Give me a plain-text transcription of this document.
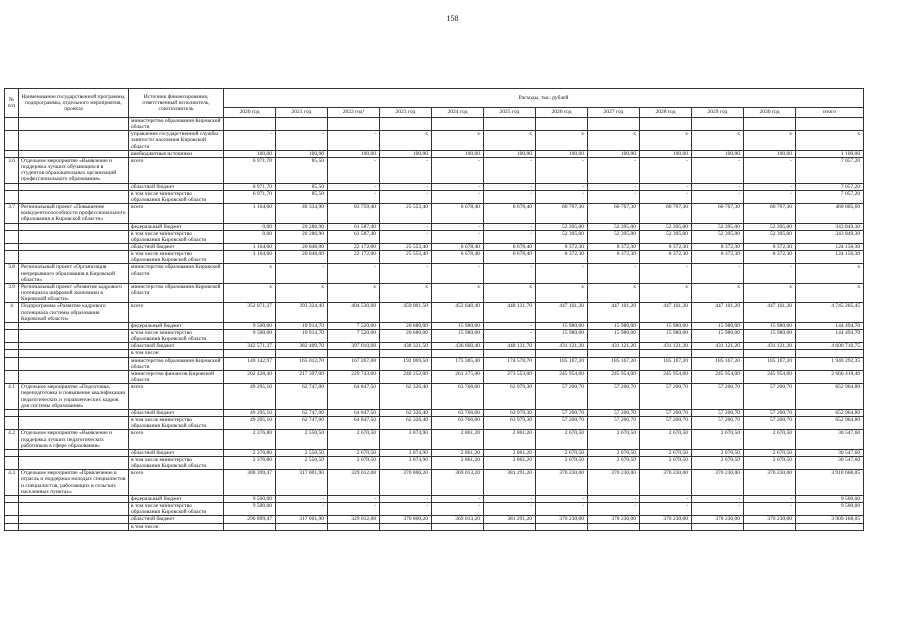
158
№ п/п	Наименование государственной программы, подпрограммы, отдельного мероприятия, проекта	Источник финансирования, ответственный исполнитель, соисполнитель	Расходы, тыс. рублей											
			2020 год	2021 год	2022 год¹	2023 год	2024 год	2025 год	2026 год	2027 год	2028 год	2029 год	2030 год	итого
		министерство образования Кировской области												
		управление государственной службы занятости населения Кировской области	-	-	-	x	x	x	x	x	x	x	x	x
		внебюджетные источники	100,00	100,00	100,00	100,00	100,00	100,00	100,00	100,00	100,00	100,00	100,00	1 100,00
3.6	Отдельное мероприятие «Выявление и поддержка лучших обучающихся в студентов образовательных организаций профессионального образования»	всего	6 971,70	85,50	-	-	-	-	-	-	-	-	-	7 057,20
		областной бюджет	6 971,70	85,50	-	-	-	-	-	-	-	-	-	7 057,20
		в том числе министерство образования Кировской области	6 971,70	85,50	-	-	-	-	-	-	-	-	-	7 057,20
3.7	Региональный проект «Повышение конкурентоспособности профессионального образования в Кировской области»	всего	1 164,60	40 334,90	83 759,40	25 553,40	6 678,40	6 678,40	60 767,30	60 767,30	60 767,30	60 767,30	60 767,30	468 005,60
		федеральный бюджет	0,00	20 286,90	61 587,40	-	-	-	52 395,00	52 395,00	52 395,00	52 395,00	52 395,00	343 849,30
		в том числе министерство образования Кировской области	0,00	20 286,90	61 587,40	-	-	-	52 395,00	52 395,00	52 395,00	52 395,00	52 395,00	343 849,30
		областной бюджет	1 164,60	20 048,00	22 172,00	25 553,40	6 678,40	6 678,40	8 372,30	8 372,30	8 372,30	8 372,30	8 372,30	124 156,30
		в том числе министерство образования Кировской области	1 164,60	20 048,00	22 172,00	25 553,40	6 678,40	6 678,40	8 372,30	8 372,30	8 372,30	8 372,30	8 372,30	124 156,30
3.8	Региональный проект «Организация непрерывного образования в Кировской области»	министерство образования Кировской области	x	-	-	-	-	-	-	-	-	-	-	x
3.9	Региональный проект «Развитие кадрового потенциала цифровой экономики в Кировской области»	министерство образования Кировской области	x	x	x	x	x	x	x	x	x	x	x	x
4	Подпрограмма «Развитие кадрового потенциала системы образования Кировской области»	всего	352 071,37	393 324,40	404 530,08	459 001,50	452 640,40	448 131,70	447 101,20	447 101,20	447 101,20	447 101,20	447 101,20	4 745 205,45
		федеральный бюджет	9 500,00	10 914,70	7 520,00	20 680,00	15 980,00	-	15 980,00	15 980,00	15 980,00	15 980,00	15 980,00	144 494,70
		в том числе министерство образования Кировской области	9 500,00	10 914,70	7 520,00	20 680,00	15 980,00	-	15 980,00	15 980,00	15 980,00	15 980,00	15 980,00	144 494,70
		областной бюджет	342 571,37	382 409,70	397 010,08	438 321,50	436 660,40	448 131,70	431 121,20	431 121,20	431 121,20	431 121,20	431 121,20	4 600 710,75
		в том числе:												
		министерство образования Кировской области	140 142,97	165 012,70	167 267,08	192 069,50	175 385,40	174 578,70	185 167,20	185 167,20	185 167,20	185 167,20	185 167,20	1 940 292,35
		министерство финансов Кировской области	202 428,40	217 397,00	229 743,00	246 252,00	261 275,00	273 553,00	245 954,00	245 954,00	245 954,00	245 954,00	245 954,00	2 660 418,40
4.1	Отдельное мероприятие «Подготовка, переподготовка и повышение квалификации педагогических и управленческих кадров для системы образования»	всего	49 295,10	62 747,00	64 847,50	62 326,40	63 766,00	63 979,30	57 200,70	57 200,70	57 200,70	57 200,70	57 200,70	652 964,80
		областной бюджет	49 295,10	62 747,00	64 847,50	62 326,40	63 766,00	63 979,30	57 200,70	57 200,70	57 200,70	57 200,70	57 200,70	652 964,80
		в том числе министерство образования Кировской области	49 295,10	62 747,00	64 847,50	62 326,40	63 766,00	63 979,30	57 200,70	57 200,70	57 200,70	57 200,70	57 200,70	652 964,80
4.2	Отдельное мероприятие «Выявление и поддержка лучших педагогических работников в сфере образования»	всего	2 376,80	2 550,50	2 670,50	3 874,90	2 861,20	2 861,20	2 670,50	2 670,50	2 670,50	2 670,50	2 670,50	30 547,60
		областной бюджет	2 376,80	2 550,50	2 670,50	3 874,90	2 861,20	2 861,20	2 670,50	2 670,50	2 670,50	2 670,50	2 670,50	30 547,60
		в том числе министерство образования Кировской области	2 376,80	2 550,50	2 670,50	3 874,90	2 861,20	2 861,20	2 670,50	2 670,50	2 670,50	2 670,50	2 670,50	30 547,60
4.3	Отдельное мероприятие «Привлечение в отрасль и поддержка молодых специалистов и специалистов, работающих в сельских населенных пунктах»	всего	300 399,47	317 001,90	329 012,08	370 800,20	369 013,20	381 291,20	370 230,00	370 230,00	370 230,00	370 230,00	370 230,00	3 918 668,05
		федеральный бюджет	9 500,00	-	-	-	-	-	-	-	-	-	-	9 500,00
		в том числе министерство образования Кировской области	9 500,00	-	-	-	-	-	-	-	-	-	-	9 500,00
		областной бюджет	290 899,47	317 001,90	329 012,08	370 800,20	369 013,20	381 291,20	370 230,00	370 230,00	370 230,00	370 230,00	370 230,00	3 909 168,05
		в том числе:												
